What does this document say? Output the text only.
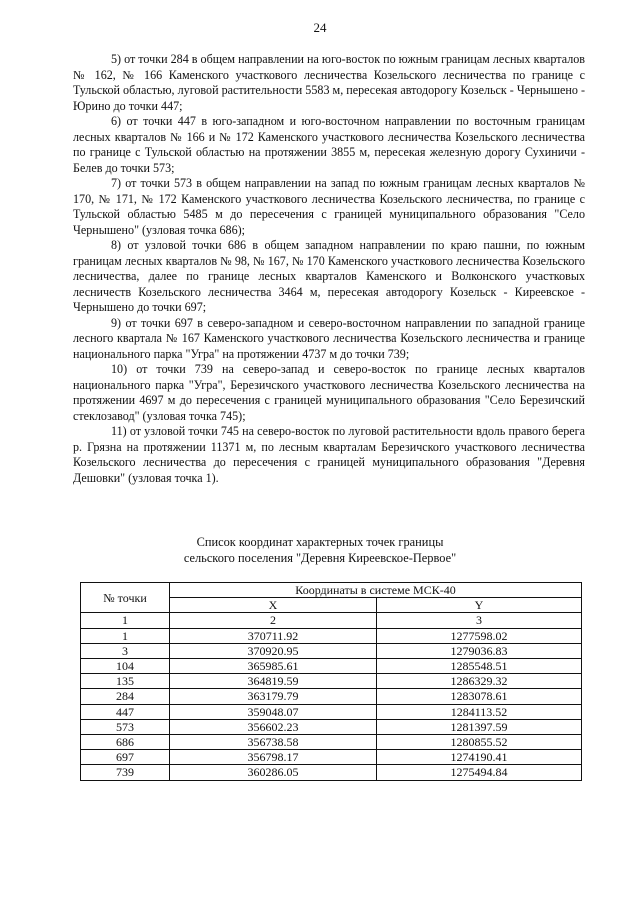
24

5) от точки 284 в общем направлении на юго-восток по южным границам лесных кварталов № 162, № 166 Каменского участкового лесничества Козельского лесничества по границе с Тульской областью, луговой растительности 5583 м, пересекая автодорогу Козельск - Чернышено - Юрино до точки 447;

6) от точки 447 в юго-западном и юго-восточном направлении по восточным границам лесных кварталов № 166 и № 172 Каменского участкового лесничества Козельского лесничества по границе с Тульской областью на протяжении 3855 м, пересекая железную дорогу Сухиничи - Белев до точки 573;

7) от точки 573 в общем направлении на запад по южным границам лесных кварталов № 170, № 171, № 172 Каменского участкового лесничества Козельского лесничества, по границе с Тульской областью 5485 м до пересечения с границей муниципального образования "Село Чернышено" (узловая точка 686);

8) от узловой точки 686 в общем западном направлении по краю пашни, по южным границам лесных кварталов № 98, № 167, № 170 Каменского участкового лесничества Козельского лесничества, далее по границе лесных кварталов Каменского и Волконского участковых лесничеств Козельского лесничества 3464 м, пересекая автодорогу Козельск - Киреевское - Чернышено до точки 697;

9) от точки 697 в северо-западном и северо-восточном направлении по западной границе лесного квартала № 167 Каменского участкового лесничества Козельского лесничества и границе национального парка "Угра" на протяжении 4737 м до точки 739;

10) от точки 739 на северо-запад и северо-восток по границе лесных кварталов национального парка "Угра", Березичского участкового лесничества Козельского лесничества на протяжении 4697 м до пересечения с границей муниципального образования "Село Березичский стеклозавод" (узловая точка 745);

11) от узловой точки 745 на северо-восток по луговой растительности вдоль правого берега р. Грязна на протяжении 11371 м, по лесным кварталам Березичского участкового лесничества Козельского лесничества до пересечения с границей муниципального образования "Деревня Дешовки" (узловая точка 1).

Список координат характерных точек границы
сельского поселения "Деревня Киреевское-Первое"
№ точки	Координаты в системе МСК-40	
	X	Y
1	2	3
1	370711.92	1277598.02
3	370920.95	1279036.83
104	365985.61	1285548.51
135	364819.59	1286329.32
284	363179.79	1283078.61
447	359048.07	1284113.52
573	356602.23	1281397.59
686	356738.58	1280855.52
697	356798.17	1274190.41
739	360286.05	1275494.84
